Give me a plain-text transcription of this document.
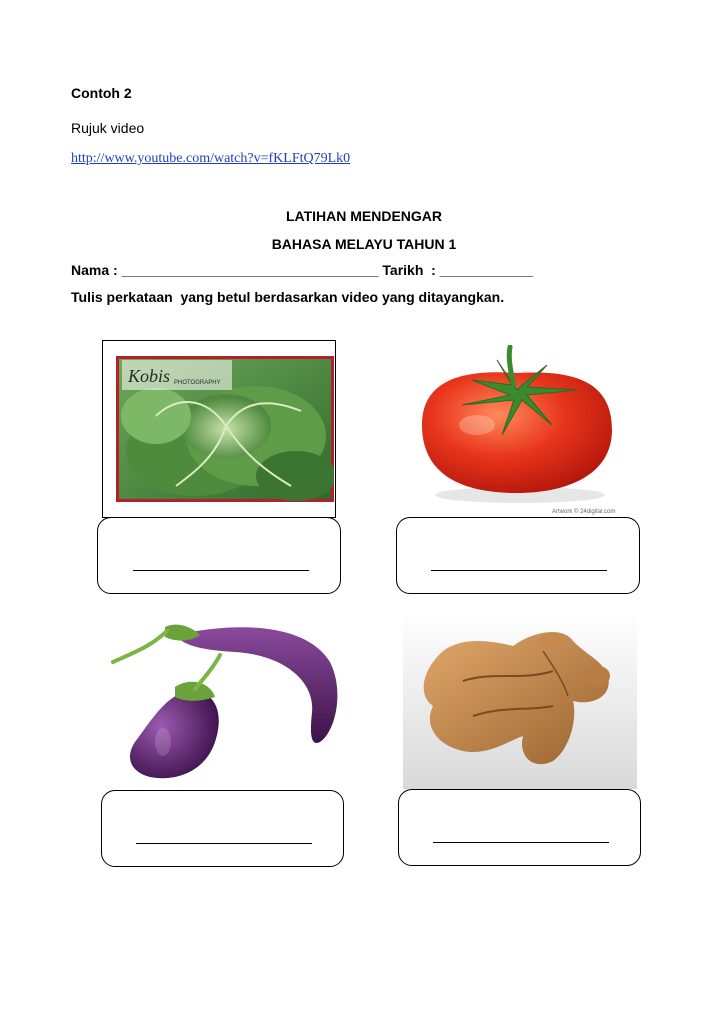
Contoh 2
Rujuk video
http://www.youtube.com/watch?v=fKLFtQ79Lk0
LATIHAN MENDENGAR
BAHASA MELAYU TAHUN 1
Nama : _________________________________ Tarikh  : ____________
Tulis perkataan  yang betul berdasarkan video yang ditayangkan.
Kobis PHOTOGRAPHY
Artwork © 24digital.com
